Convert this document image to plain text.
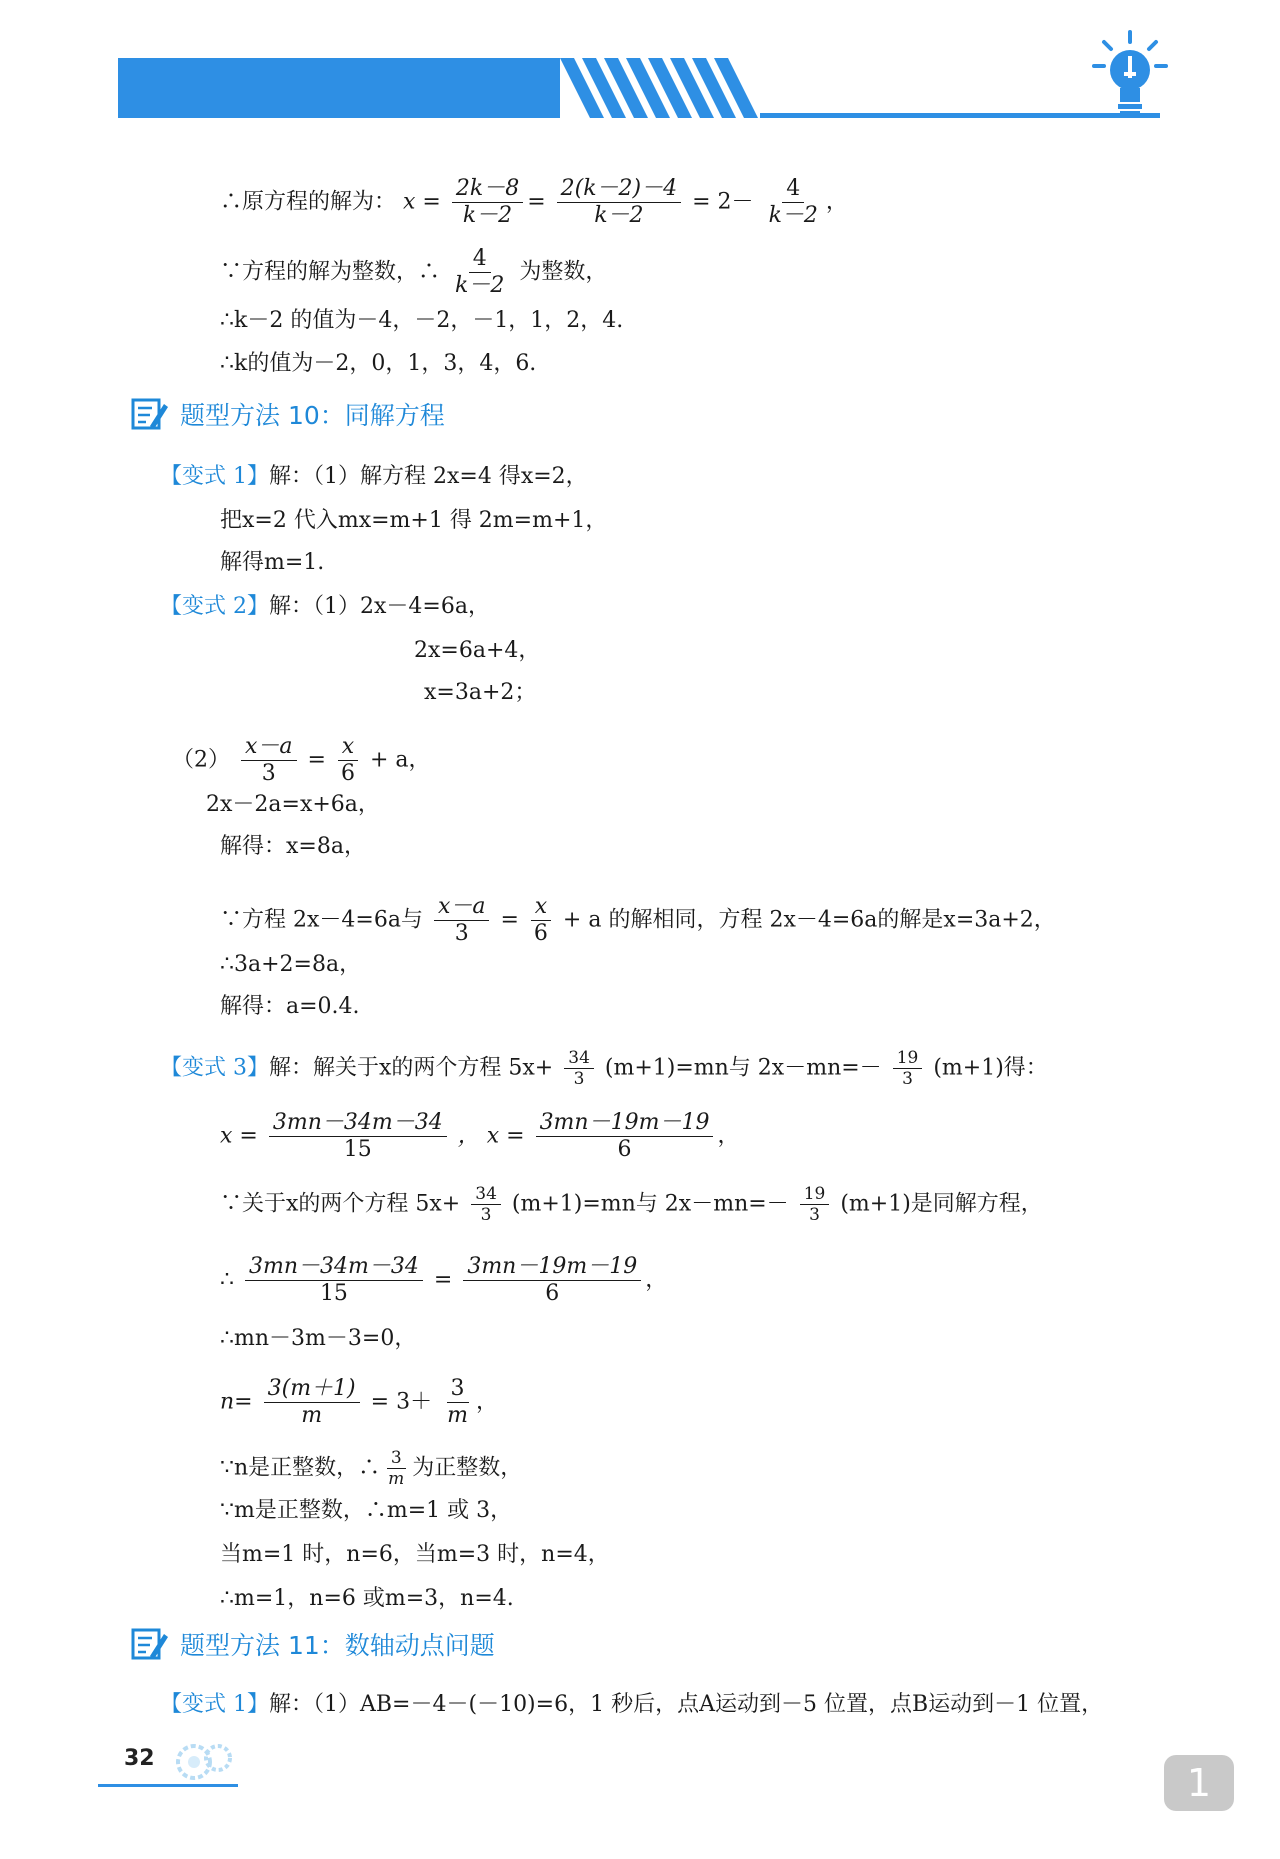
∴原方程的解为： $x = \frac{2k-8}{k-2} = \frac{2(k-2)-4}{k-2} = 2- \frac{4}{k-2}$ ，
∵方程的解为整数，∴ $\frac{4}{k-2}$ 为整数，
∴k－2 的值为－4，－2，－1，1，2，4.
∴k的值为－2，0，1，3，4，6.
题型方法 10：同解方程
【变式 1】解：（1）解方程 2x=4 得x=2，
把x=2 代入mx=m+1 得 2m=m+1，
解得m=1.
【变式 2】解：（1）2x－4=6a，
2x=6a+4，
x=3a+2；
$(2) \frac{x-a}{3} = \frac{x}{6} + a$，
2x－2a=x+6a，
解得：x=8a，
∵方程 2x－4=6a与 $\frac{x-a}{3} = \frac{x}{6} + a$ 的解相同，方程 2x－4=6a的解是x=3a+2，
∴3a+2=8a，
解得：a=0.4.
【变式 3】解：解关于x的两个方程 $5x+ \frac{34}{3} (m+1)=mn$与 $2x-mn=- \frac{19}{3} (m+1)$得：
$x = \frac{3mn-34m-34}{15}$ ， $x = \frac{3mn-19m-19}{6}$ ，
∵关于x的两个方程 $5x+ \frac{34}{3} (m+1)=mn$与 $2x-mn=- \frac{19}{3} (m+1)$是同解方程，
∴ $\frac{3mn-34m-34}{15} = \frac{3mn-19m-19}{6}$ ，
∴mn－3m－3=0，
$n= \frac{3(m+1)}{m} = 3+ \frac{3}{m}$ ，
∵n是正整数，∴ $\frac{3}{m}$ 为正整数，
∵m是正整数，∴m=1 或 3，
当m=1 时，n=6，当m=3 时，n=4，
∴m=1，n=6 或m=3，n=4.
题型方法 11：数轴动点问题
【变式 1】解：（1）AB=－4－(－10)=6，1 秒后，点A运动到－5 位置，点B运动到－1 位置，
32
1
